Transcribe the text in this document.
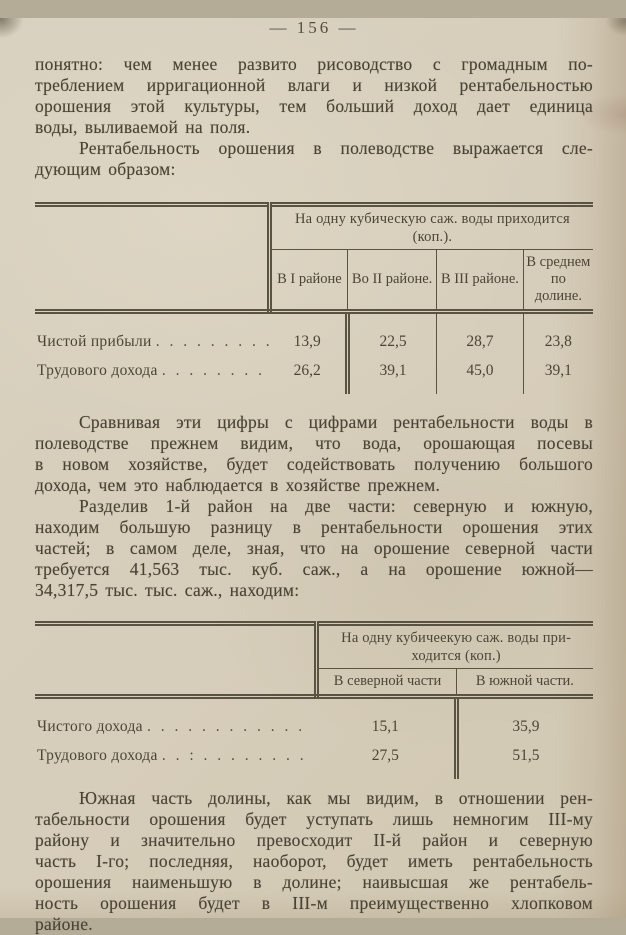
— 156 —
понятно: чем менее развито рисоводство с громадным по-
треблением ирригационной влаги и низкой рентабельностью
орошения этой культуры, тем больший доход дает единица
воды, выливаемой на поля.
Рентабельность орошения в полеводстве выражается сле-
дующим образом:
	На одну кубическую саж. воды приходится (коп.).			
	В I районе	Во II районе.	В III районе.	В среднем по долине.

Чистой прибыли . . . . . . . . .	13,9	22,5	28,7	23,8
Трудового дохода . . . . . . . .	26,2	39,1	45,0	39,1
Сравнивая эти цифры с цифрами рентабельности воды в
полеводстве прежнем видим, что вода, орошающая посевы
в новом хозяйстве, будет содействовать получению большого
дохода, чем это наблюдается в хозяйстве прежнем.
Разделив 1-й район на две части: северную и южную,
находим большую разницу в рентабельности орошения этих
частей; в самом деле, зная, что на орошение северной части
требуется 41,563 тыс. куб. саж., а на орошение южной—
34,317,5 тыс. тыс. саж., находим:

	На одну кубичеекую саж. воды при-
ходится (коп.)	

	В северной части	В южной части.

Чистого дохода . . . . . . . . . . . .	15,1	35,9
Трудового дохода . . : . . . . . . . .	27,5	51,5
Южная часть долины, как мы видим, в отношении рен-
табельности орошения будет уступать лишь немногим III-му
району и значительно превосходит II-й район и северную
часть I-го; последняя, наоборот, будет иметь рентабельность
орошения наименьшую в долине; наивысшая же рентабель-
ность орошения будет в III-м преимущественно хлопковом
районе.
